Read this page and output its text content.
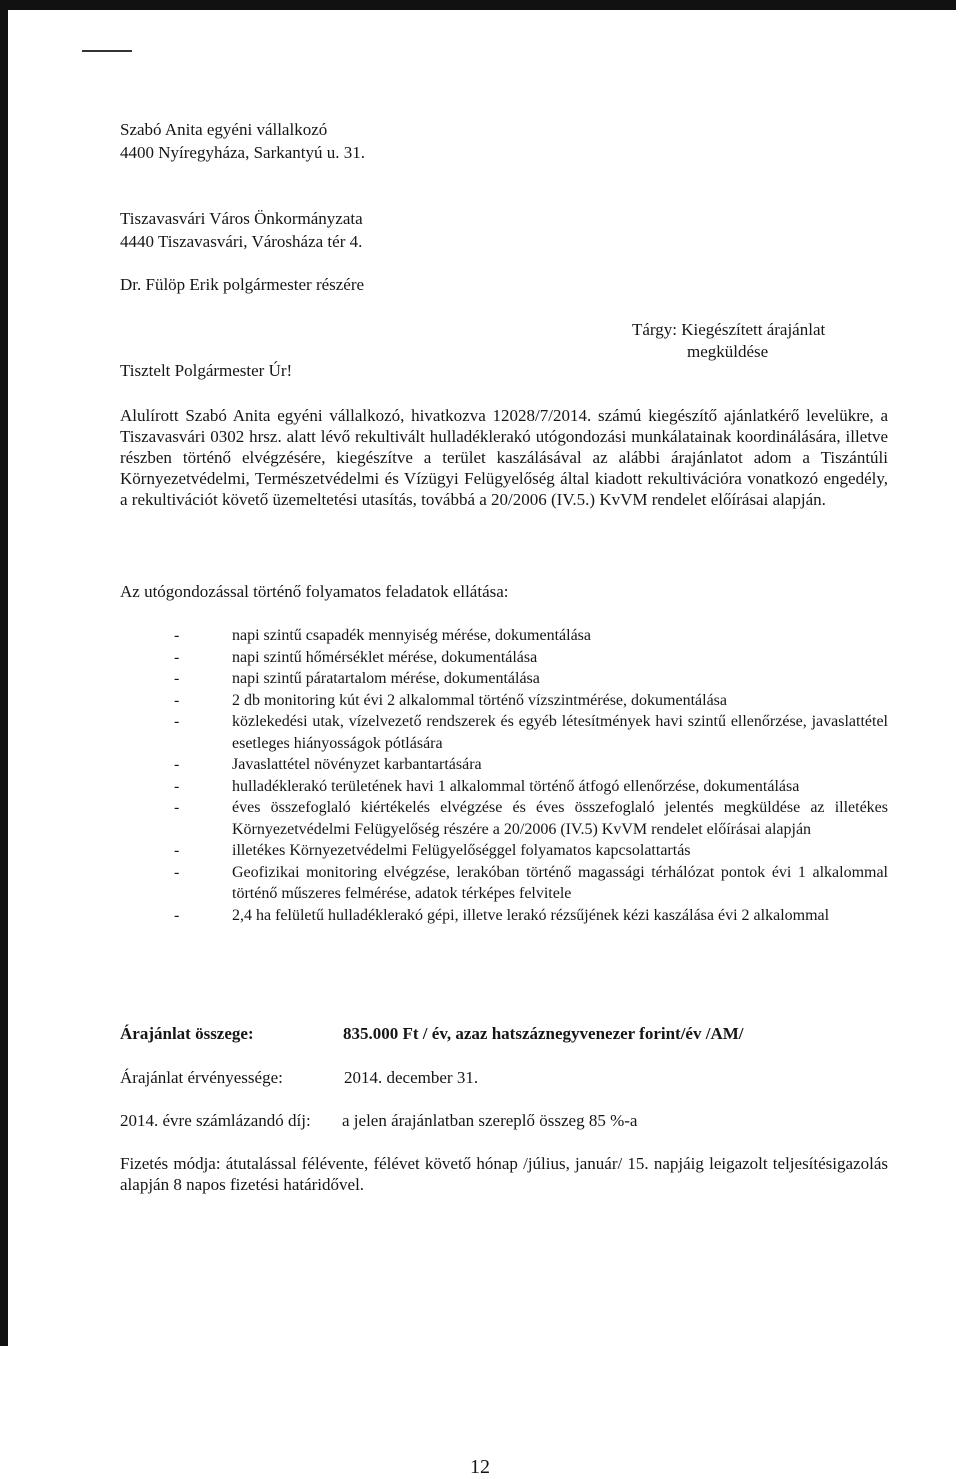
Szabó Anita egyéni vállalkozó
4400 Nyíregyháza, Sarkantyú u. 31.
Tiszavasvári Város Önkormányzata
4440 Tiszavasvári, Városháza tér 4.
Dr. Fülöp Erik polgármester részére
Tárgy: Kiegészített árajánlat
megküldése
Tisztelt Polgármester Úr!
Alulírott Szabó Anita egyéni vállalkozó, hivatkozva 12028/7/2014. számú kiegészítő ajánlatkérő levelükre, a Tiszavasvári 0302 hrsz. alatt lévő rekultivált hulladéklerakó utógondozási munkálatainak koordinálására, illetve részben történő elvégzésére, kiegészítve a terület kaszálásával az alábbi árajánlatot adom a Tiszántúli Környezetvédelmi, Természetvédelmi és Vízügyi Felügyelőség által kiadott rekultivációra vonatkozó engedély, a rekultivációt követő üzemeltetési utasítás, továbbá a 20/2006 (IV.5.) KvVM rendelet előírásai alapján.
Az utógondozással történő folyamatos feladatok ellátása:
-	napi szintű csapadék mennyiség mérése, dokumentálása
-	napi szintű hőmérséklet mérése, dokumentálása
-	napi szintű páratartalom mérése, dokumentálása
-	2 db monitoring kút évi 2 alkalommal történő vízszintmérése, dokumentálása
-	közlekedési utak, vízelvezető rendszerek és egyéb létesítmények havi szintű ellenőrzése, javaslattétel esetleges hiányosságok pótlására
-	Javaslattétel növényzet karbantartására
-	hulladéklerakó területének havi 1 alkalommal történő átfogó ellenőrzése, dokumentálása
-	éves összefoglaló kiértékelés elvégzése és éves összefoglaló jelentés megküldése az illetékes Környezetvédelmi Felügyelőség részére a 20/2006 (IV.5) KvVM rendelet előírásai alapján
-	illetékes Környezetvédelmi Felügyelőséggel folyamatos kapcsolattartás
-	Geofizikai monitoring elvégzése, lerakóban történő magassági térhálózat pontok évi 1 alkalommal történő műszeres felmérése, adatok térképes felvitele
-	2,4 ha felületű hulladéklerakó gépi, illetve lerakó rézsűjének kézi kaszálása évi 2 alkalommal
Árajánlat összege:	835.000 Ft / év, azaz hatszáznegyvenezer forint/év /AM/
Árajánlat érvényessége:	2014. december 31.
2014. évre számlázandó díj: a jelen árajánlatban szereplő összeg 85 %-a
Fizetés módja: átutalással félévente, félévet követő hónap /július, január/ 15. napjáig leigazolt teljesítésigazolás alapján 8 napos fizetési határidővel.
12
